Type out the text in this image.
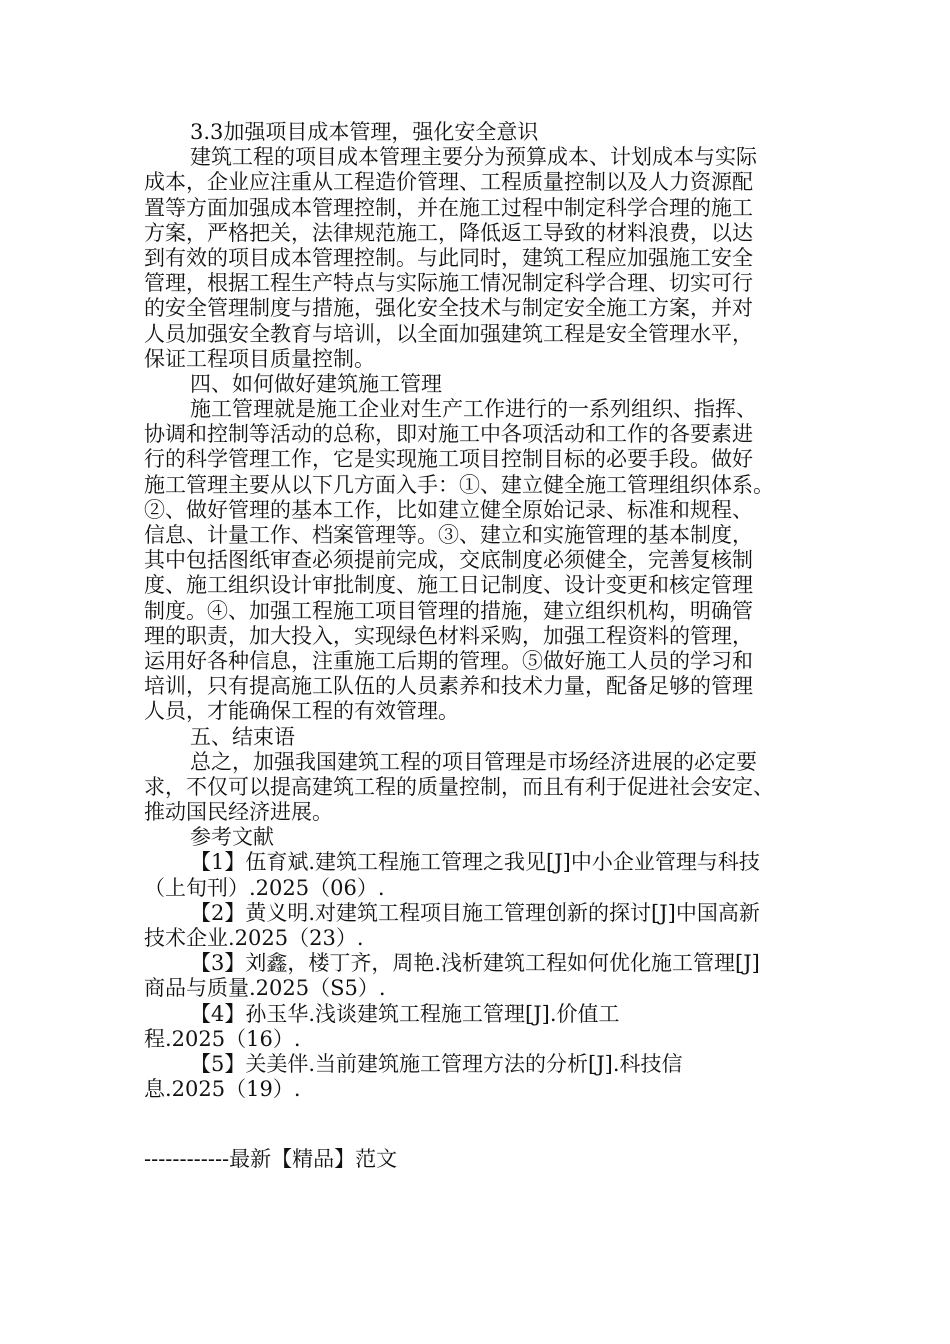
3.3加强项目成本管理，强化安全意识
建筑工程的项目成本管理主要分为预算成本、计划成本与实际
成本，企业应注重从工程造价管理、工程质量控制以及人力资源配
置等方面加强成本管理控制，并在施工过程中制定科学合理的施工
方案，严格把关，法律规范施工，降低返工导致的材料浪费，以达
到有效的项目成本管理控制。与此同时，建筑工程应加强施工安全
管理，根据工程生产特点与实际施工情况制定科学合理、切实可行
的安全管理制度与措施，强化安全技术与制定安全施工方案，并对
人员加强安全教育与培训，以全面加强建筑工程是安全管理水平，
保证工程项目质量控制。
四、如何做好建筑施工管理
施工管理就是施工企业对生产工作进行的一系列组织、指挥、
协调和控制等活动的总称，即对施工中各项活动和工作的各要素进
行的科学管理工作，它是实现施工项目控制目标的必要手段。做好
施工管理主要从以下几方面入手：①、建立健全施工管理组织体系。
②、做好管理的基本工作，比如建立健全原始记录、标准和规程、
信息、计量工作、档案管理等。③、建立和实施管理的基本制度，
其中包括图纸审查必须提前完成，交底制度必须健全，完善复核制
度、施工组织设计审批制度、施工日记制度、设计变更和核定管理
制度。④、加强工程施工项目管理的措施，建立组织机构，明确管
理的职责，加大投入，实现绿色材料采购，加强工程资料的管理，
运用好各种信息，注重施工后期的管理。⑤做好施工人员的学习和
培训，只有提高施工队伍的人员素养和技术力量，配备足够的管理
人员，才能确保工程的有效管理。
五、结束语
总之，加强我国建筑工程的项目管理是市场经济进展的必定要
求，不仅可以提高建筑工程的质量控制，而且有利于促进社会安定、
推动国民经济进展。
参考文献
【1】伍育斌.建筑工程施工管理之我见[J]中小企业管理与科技
（上旬刊）.2025（06）.
【2】黄义明.对建筑工程项目施工管理创新的探讨[J]中国高新
技术企业.2025（23）.
【3】刘鑫，楼丁齐，周艳.浅析建筑工程如何优化施工管理[J]
商品与质量.2025（S5）.
【4】孙玉华.浅谈建筑工程施工管理[J].价值工
程.2025（16）.
【5】关美伴.当前建筑施工管理方法的分析[J].科技信
息.2025（19）.
------------最新【精品】范文
